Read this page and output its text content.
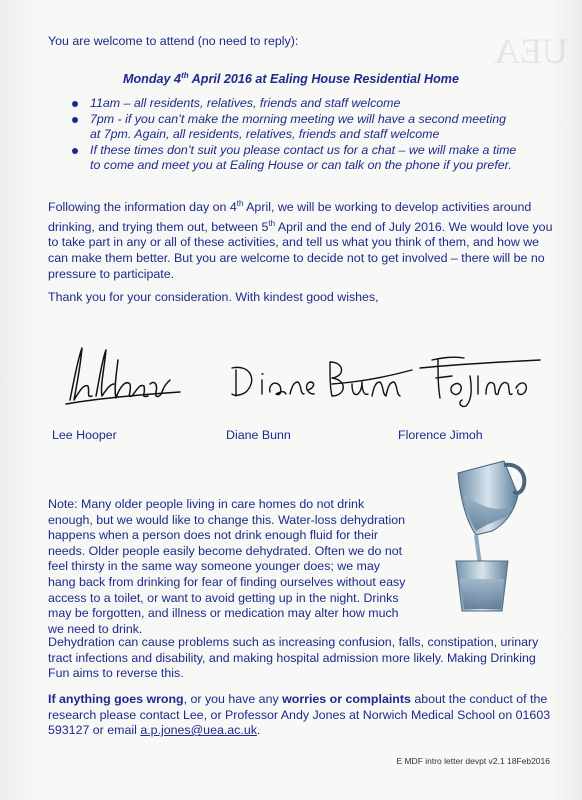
UEA
You are welcome to attend (no need to reply):
Monday 4th April 2016 at Ealing House Residential Home
11am – all residents, relatives, friends and staff welcome
7pm - if you can’t make the morning meeting we will have a second meeting
at 7pm. Again, all residents, relatives, friends and staff welcome
If these times don’t suit you please contact us for a chat – we will make a time
to come and meet you at Ealing House or can talk on the phone if you prefer.
Following the information day on 4th April, we will be working to develop activities around drinking, and trying them out, between 5th April and the end of July 2016. We would love you to take part in any or all of these activities, and tell us what you think of them, and how we can make them better. But you are welcome to decide not to get involved – there will be no pressure to participate.
Thank you for your consideration. With kindest good wishes,
Lee Hoope
Lee Hooper	Diane Bunn	Florence Jimoh
Note: Many older people living in care homes do not drink enough, but we would like to change this. Water-loss dehydration happens when a person does not drink enough fluid for their needs. Older people easily become dehydrated. Often we do not feel thirsty in the same way someone younger does; we may hang back from drinking for fear of finding ourselves without easy access to a toilet, or want to avoid getting up in the night. Drinks may be forgotten, and illness or medication may alter how much we need to drink.
Dehydration can cause problems such as increasing confusion, falls, constipation, urinary tract infections and disability, and making hospital admission more likely. Making Drinking Fun aims to reverse this.
If anything goes wrong, or you have any worries or complaints about the conduct of the research please contact Lee, or Professor Andy Jones at Norwich Medical School on 01603 593127 or email a.p.jones@uea.ac.uk.
E MDF intro letter devpt v2.1 18Feb2016
